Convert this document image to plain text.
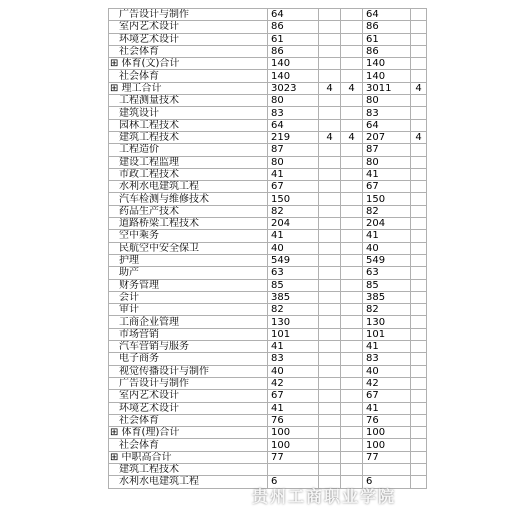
广告设计与制作	64			64	
室内艺术设计	86			86	
环境艺术设计	61			61	
社会体育	86			86	
⊞ 体育(文)合计	140			140	
社会体育	140			140	
⊞ 理工合计	3023	4	4	3011	4
工程测量技术	80			80	
建筑设计	83			83	
园林工程技术	64			64	
建筑工程技术	219	4	4	207	4
工程造价	87			87	
建设工程监理	80			80	
市政工程技术	41			41	
水利水电建筑工程	67			67	
汽车检测与维修技术	150			150	
药品生产技术	82			82	
道路桥梁工程技术	204			204	
空中乘务	41			41	
民航空中安全保卫	40			40	
护理	549			549	
助产	63			63	
财务管理	85			85	
会计	385			385	
审计	82			82	
工商企业管理	130			130	
市场营销	101			101	
汽车营销与服务	41			41	
电子商务	83			83	
视觉传播设计与制作	40			40	
广告设计与制作	42			42	
室内艺术设计	67			67	
环境艺术设计	41			41	
社会体育	76			76	
⊞ 体育(理)合计	100			100	
社会体育	100			100	
⊞ 中职高合计	77			77	
建筑工程技术					
水利水电建筑工程	6			6	
贵州工商职业学院
